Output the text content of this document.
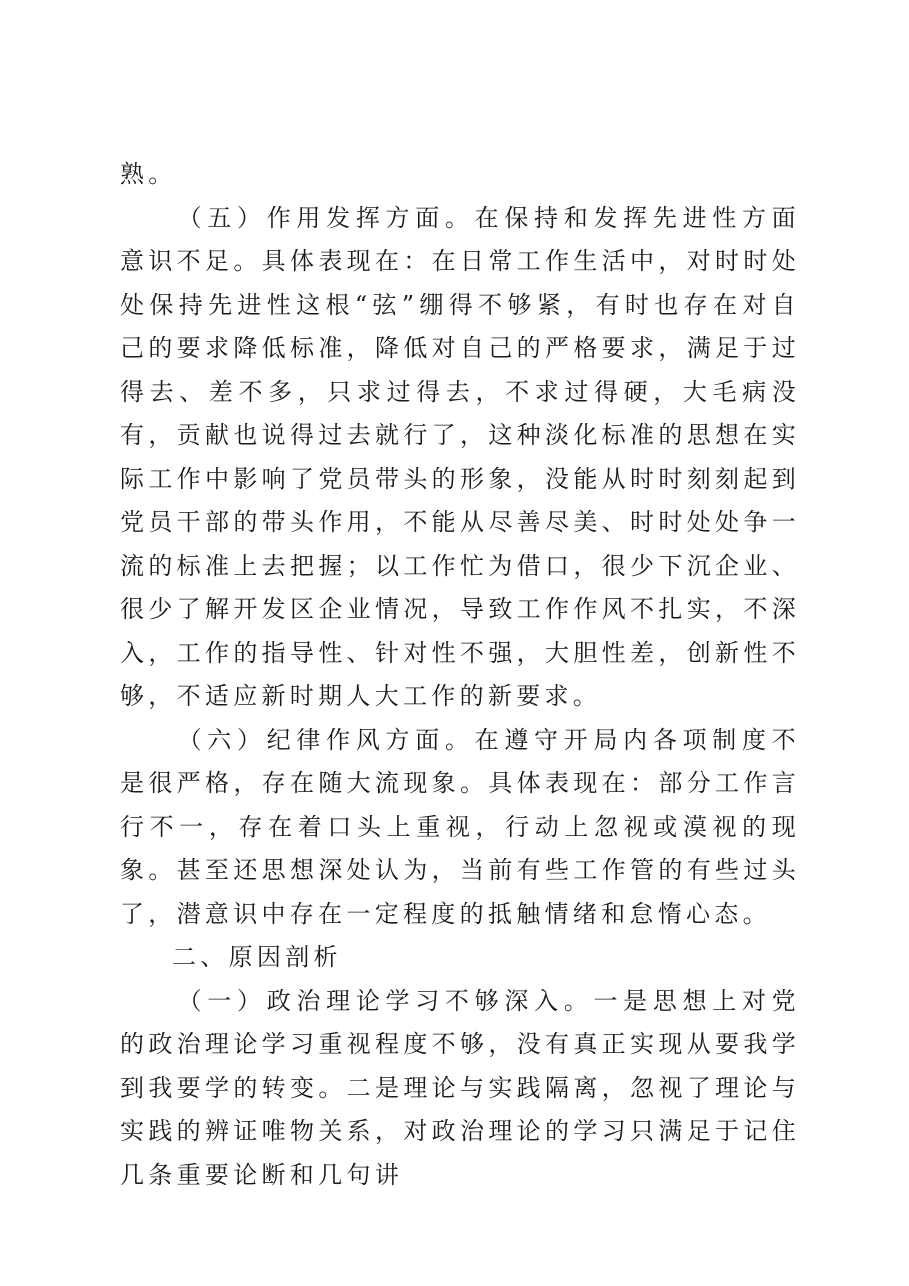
熟。

（五）作用发挥方面。在保持和发挥先进性方面意识不足。具体表现在：在日常工作生活中，对时时处处保持先进性这根“弦”绷得不够紧，有时也存在对自己的要求降低标准，降低对自己的严格要求，满足于过得去、差不多，只求过得去，不求过得硬，大毛病没有，贡献也说得过去就行了，这种淡化标准的思想在实际工作中影响了党员带头的形象，没能从时时刻刻起到党员干部的带头作用，不能从尽善尽美、时时处处争一流的标准上去把握；以工作忙为借口，很少下沉企业、很少了解开发区企业情况，导致工作作风不扎实，不深入，工作的指导性、针对性不强，大胆性差，创新性不够，不适应新时期人大工作的新要求。

（六）纪律作风方面。在遵守开局内各项制度不是很严格，存在随大流现象。具体表现在：部分工作言行不一，存在着口头上重视，行动上忽视或漠视的现象。甚至还思想深处认为，当前有些工作管的有些过头了，潜意识中存在一定程度的抵触情绪和怠惰心态。

二、原因剖析

（一）政治理论学习不够深入。一是思想上对党的政治理论学习重视程度不够，没有真正实现从要我学到我要学的转变。二是理论与实践隔离，忽视了理论与实践的辨证唯物关系，对政治理论的学习只满足于记住几条重要论断和几句讲
